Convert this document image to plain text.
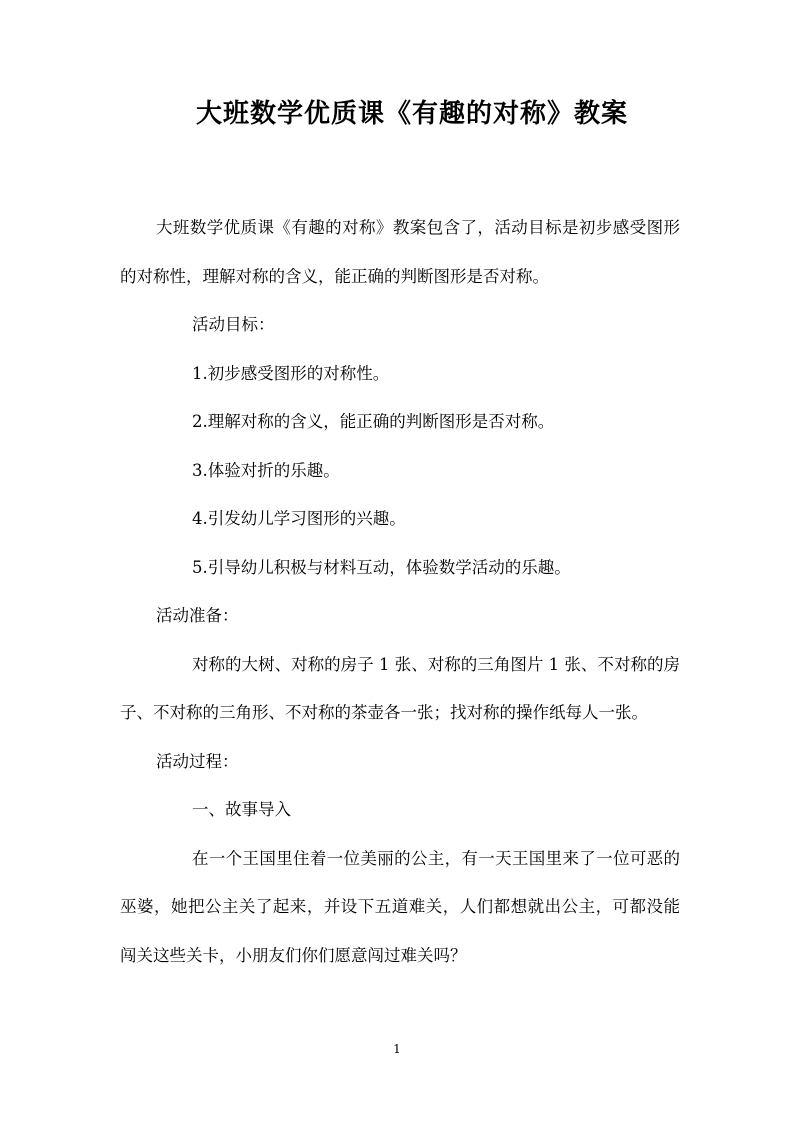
大班数学优质课《有趣的对称》教案

大班数学优质课《有趣的对称》教案包含了，活动目标是初步感受图形的对称性，理解对称的含义，能正确的判断图形是否对称。

活动目标：

1.初步感受图形的对称性。

2.理解对称的含义，能正确的判断图形是否对称。

3.体验对折的乐趣。

4.引发幼儿学习图形的兴趣。

5.引导幼儿积极与材料互动，体验数学活动的乐趣。

活动准备：

对称的大树、对称的房子 1 张、对称的三角图片 1 张、不对称的房子、不对称的三角形、不对称的茶壶各一张；找对称的操作纸每人一张。

活动过程：

一、故事导入

在一个王国里住着一位美丽的公主，有一天王国里来了一位可恶的巫婆，她把公主关了起来，并设下五道难关，人们都想就出公主，可都没能闯关这些关卡，小朋友们你们愿意闯过难关吗？

1
